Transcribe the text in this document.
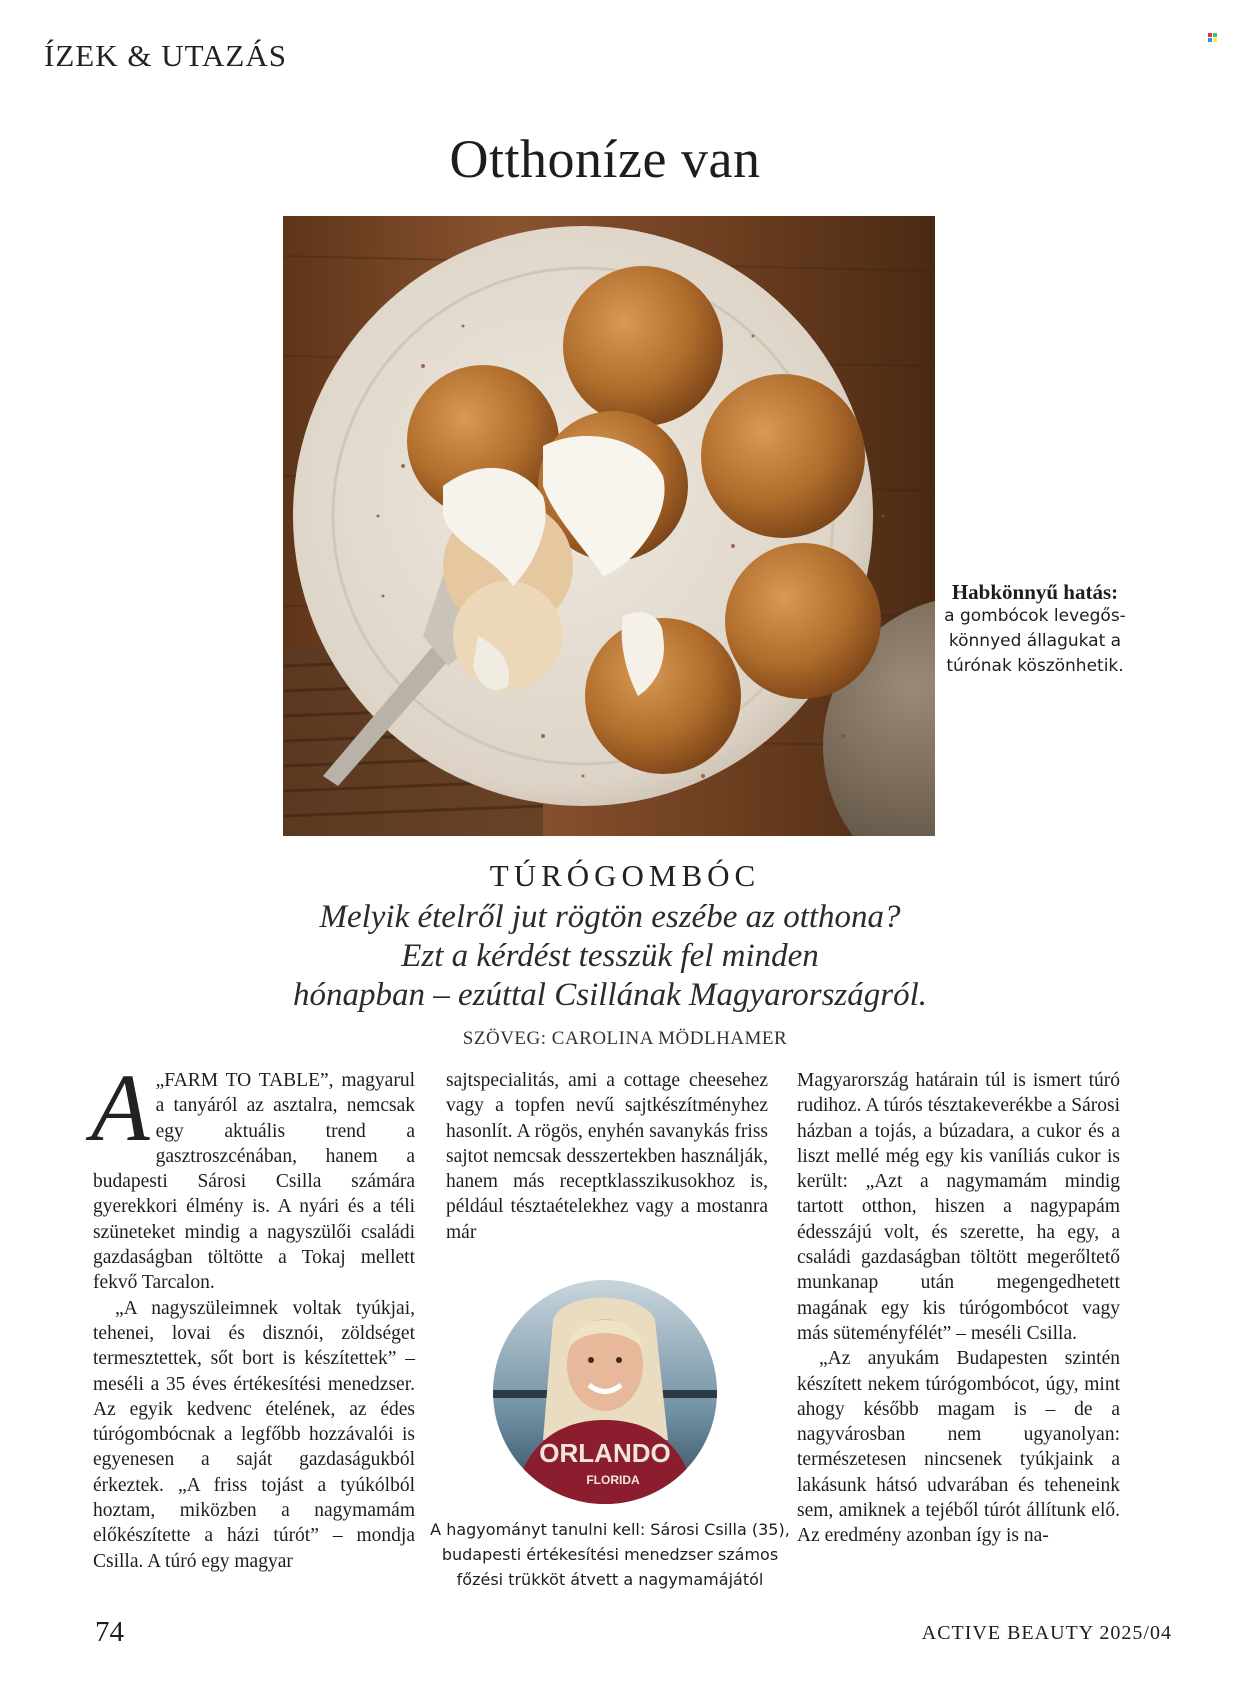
ÍZEK & UTAZÁS
Otthoníze van
Habkönnyű hatás:
a gombócok levegős-könnyed állagukat a túrónak köszönhetik.
TÚRÓGOMBÓC
Melyik ételről jut rögtön eszébe az otthona?
Ezt a kérdést tesszük fel minden
hónapban – ezúttal Csillának Magyarországról.
SZÖVEG: CAROLINA MÖDLHAMER

A „FARM TO TABLE”, magyarul a tanyáról az asztalra, nemcsak egy aktuális trend a gasztroszcénában, hanem a budapesti Sárosi Csilla számára gyerekkori élmény is. A nyári és a téli szüneteket mindig a nagyszülői családi gazdaságban töltötte a Tokaj mellett fekvő Tarcalon.

„A nagyszüleimnek voltak tyúkjai, tehenei, lovai és disznói, zöldséget termesztettek, sőt bort is készítettek” – meséli a 35 éves értékesítési menedzser. Az egyik kedvenc ételének, az édes túrógombócnak a legfőbb hozzávalói is egyenesen a saját gazdaságukból érkeztek. „A friss tojást a tyúkólból hoztam, miközben a nagymamám előkészítette a házi túrót” – mondja Csilla. A túró egy magyar

sajtspecialitás, ami a cottage cheesehez vagy a topfen nevű sajtkészítményhez hasonlít. A rögös, enyhén savanykás friss sajtot nemcsak desszertekben használják, hanem más receptklasszikusokhoz is, például tésztaételekhez vagy a mostanra már

Magyarország határain túl is ismert túró rudihoz. A túrós tésztakeverékbe a Sárosi házban a tojás, a búzadara, a cukor és a liszt mellé még egy kis vaníliás cukor is került: „Azt a nagymamám mindig tartott otthon, hiszen a nagypapám édesszájú volt, és szerette, ha egy, a családi gazdaságban töltött megerőltető munkanap után megengedhetett magának egy kis túrógombócot vagy más süteményfélét” – meséli Csilla.

„Az anyukám Budapesten szintén készített nekem túrógombócot, úgy, mint ahogy később magam is – de a nagyvárosban nem ugyanolyan: természetesen nincsenek tyúkjaink a lakásunk hátsó udvarában és teheneink sem, amiknek a tejéből túrót állítunk elő. Az eredmény azonban így is na-

ORLANDO
FLORIDA
A hagyományt tanulni kell: Sárosi Csilla (35), budapesti értékesítési menedzser számos főzési trükköt átvett a nagymamájától
74	ACTIVE BEAUTY 2025/04
